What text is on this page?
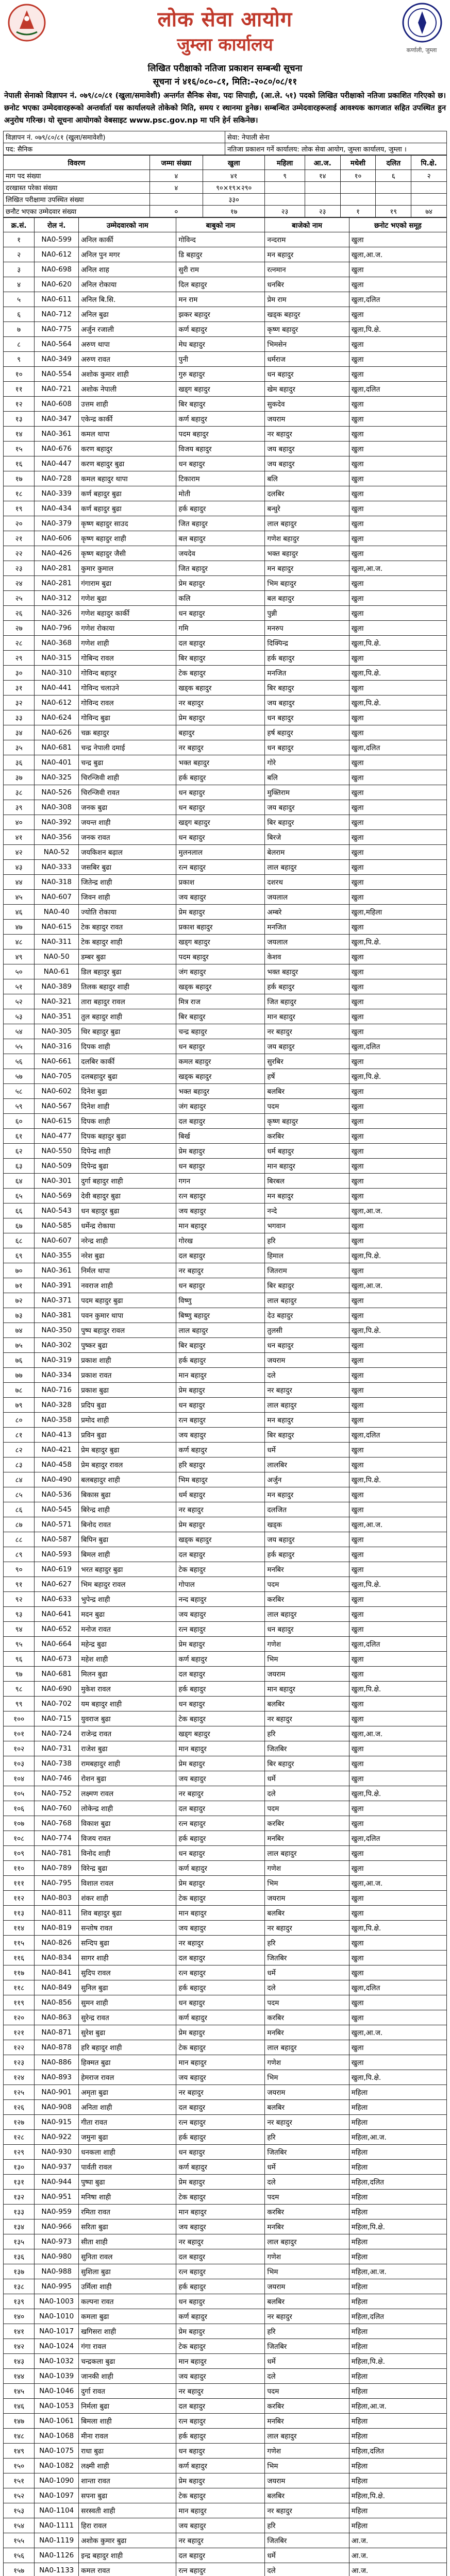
लोक सेवा आयोग
जुम्ला कार्यालय	कर्णाली, जुम्ला
लिखित परीक्षाको नतिजा प्रकाशन सम्बन्धी सूचना
सूचना नं ४१६/०८०-८१, मिति:-२०८०/०८/११
नेपाली सेनाको विज्ञापन नं. ०७९/८०/८१ (खुला/समावेशी) अन्तर्गत सैनिक सेवा, पदः सिपाही, (आ.ले. ५१) पदको लिखित परीक्षाको नतिजा प्रकाशित गरिएको छ। छनोट भएका उम्मेदवारहरूको अन्तर्वार्ता यस कार्यालयले तोकेको मिति, समय र स्थानमा हुनेछ। सम्बन्धित उम्मेदवारहरूलाई आवश्यक कागजात सहित उपस्थित हुन अनुरोध गरिन्छ। यो सूचना आयोगको वेबसाइट www.psc.gov.np मा पनि हेर्न सकिनेछ।
विज्ञापन नं. ०७९/८०/८१ (खुला/समावेशी)	सेवा: नेपाली सेना
पद: सैनिक	नतिजा प्रकाशन गर्ने कार्यालय: लोक सेवा आयोग, जुम्ला कार्यालय, जुम्ला ।
विवरण	जम्मा संख्या	खुला	महिला	आ.ज.	मधेशी	दलित	पि.क्षे.
माग पद संख्या	४	४१	९	१४	१०	६	२
दरखास्त परेका संख्या	४	९०×१९×२९०					
लिखित परीक्षामा उपस्थित संख्या		३३०					
छनौट भएका उम्मेदवार संख्या	०	१७	२३	२३	१	१९	७४
क्र.सं.	रोल नं.	उम्मेदवारको नाम	बाबुको नाम	बाजेको नाम	छनोट भएको समूह
१	NA0-599	अनिल कार्की	गोविन्द	नन्दराम	खुला
२	NA0-612	अनिल पुन मगर	डि बहादुर	मन बहादुर	खुला,आ.ज.
३	NA0-698	अनिल शाह	सुरी राम	रत्नमान	खुला
४	NA0-620	अनिल रोकाया	दिल बहादुर	धनबिर	खुला
५	NA0-611	अनिल बि.सि.	मन राम	प्रेम राम	खुला,दलित
६	NA0-712	अनिल बुढा	झकर बहादुर	खड्क बहादुर	खुला
७	NA0-775	अर्जुन रजाली	कर्ण बहादुर	कृष्ण बहादुर	खुला,पि.क्षे.
८	NA0-564	अरुण थापा	मेघ बहादुर	भिमसेन	खुला
९	NA0-349	अरुण रावत	पुनी	धर्मराज	खुला
१०	NA0-554	अशोक कुमार शाही	गुरु बहादुर	धन बहादुर	खुला
११	NA0-721	अशोक नेपाली	खड्ग बहादुर	खेम बहादुर	खुला,दलित
१२	NA0-608	उत्तम शाही	बिर बहादुर	सुकदेव	खुला
१३	NA0-347	एकेन्द्र कार्की	कर्ण बहादुर	जयराम	खुला
१४	NA0-361	कमल थापा	पदम बहादुर	नर बहादुर	खुला
१५	NA0-676	करण बहादुर	विजय बहादुर	जय बहादुर	खुला
१६	NA0-447	करण बहादुर बुढा	धन बहादुर	जय बहादुर	खुला
१७	NA0-728	कमल बहादुर थापा	टिकाराम	बलि	खुला
१८	NA0-339	कर्ण बहादुर बुढा	मोती	दलबिर	खुला
१९	NA0-434	कर्ण बहादुर बुढा	हर्क बहादुर	बन्धुरे	खुला
२०	NA0-379	कृष्ण बहादुर साउद	जित बहादुर	लाल बहादुर	खुला
२१	NA0-606	कृष्ण बहादुर शाही	बल बहादुर	गणेश बहादुर	खुला
२२	NA0-426	कृष्ण बहादुर जैसी	जयदेव	भक्त बहादुर	खुला
२३	NA0-281	कुमार कुमाल	जित बहादुर	मन बहादुर	खुला,आ.ज.
२४	NA0-281	गंगाराम बुढा	प्रेम बहादुर	भिम बहादुर	खुला
२५	NA0-312	गणेश बुढा	कलि	बल बहादुर	खुला
२६	NA0-326	गणेश बहादुर कार्की	धन बहादुर	पुन्नी	खुला
२७	NA0-796	गणेश रोकाया	गमि	मनरुप	खुला
२८	NA0-368	गणेश शाही	दल बहादुर	दिक्पिन्द्र	खुला,पि.क्षे.
२९	NA0-315	गोबिन्द रावल	बिर बहादुर	हर्क बहादुर	खुला
३०	NA0-310	गोविन्द बहादुर	टेक बहादुर	मनजित	खुला,पि.क्षे.
३१	NA0-441	गोविन्द चलाउने	खड्क बहादुर	बिर बहादुर	खुला
३२	NA0-612	गोविन्द रावल	नर बहादुर	जय बहादुर	खुला,पि.क्षे.
३३	NA0-624	गोविन्द बुढा	प्रेम बहादुर	धन बहादुर	खुला
३४	NA0-626	चक्र बहादुर	बहादुर	हर्ष बहादुर	खुला
३५	NA0-681	चन्द्र नेपाली दमाई	नर बहादुर	धन बहादुर	खुला,दलित
३६	NA0-401	चन्द्र बुढा	भक्त बहादुर	गोरे	खुला
३७	NA0-325	चिरन्जिवी शाही	हर्क बहादुर	बलि	खुला
३८	NA0-526	चिरन्जिवी रावत	धन बहादुर	मुक्तिराम	खुला
३९	NA0-308	जनक बुढा	धन बहादुर	जय बहादुर	खुला
४०	NA0-392	जयन्त शाही	खड्ग बहादुर	बिर बहादुर	खुला
४१	NA0-356	जनक रावत	धन बहादुर	बिरजे	खुला
४२	NA0-52	जयकिशन बढ़ाल	मुलनलाल	बेलराम	खुला
४३	NA0-333	जसबिर बुढा	रत्न बहादुर	लाल बहादुर	खुला
४४	NA0-318	जितेन्द्र शाही	प्रकाश	दशरथ	खुला
४५	NA0-607	जिवन शाही	जय बहादुर	जयलाल	खुला
४६	NA0-40	ज्योति रोकाया	प्रेम बहादुर	अम्बरे	खुला,महिला
४७	NA0-615	टेक बहादुर रावत	प्रकाश बहादुर	मनजित	खुला
४८	NA0-311	टेक बहादुर शाही	खड्ग बहादुर	जयलाल	खुला,पि.क्षे.
४९	NA0-50	डम्बर बुढा	पदम बहादुर	केशव	खुला
५०	NA0-61	डिल बहादुर बुढा	जंग बहादुर	भक्त बहादुर	खुला
५१	NA0-389	तिलक बहादुर शाही	खड्क बहादुर	हर्क बहादुर	खुला
५२	NA0-321	तारा बहादुर रावल	मित्र राज	जित बहादुर	खुला
५३	NA0-351	तुल बहादुर शाही	बिर बहादुर	मान बहादुर	खुला
५४	NA0-305	थिर बहादुर बुढा	चन्द्र बहादुर	नर बहादुर	खुला
५५	NA0-316	दिपक शाही	धन बहादुर	जय बहादुर	खुला,दलित
५६	NA0-661	दलबिर कार्की	कमल बहादुर	सुरबिर	खुला
५७	NA0-705	दलबहादुर बुढा	खड्क बहादुर	हर्षे	खुला,पि.क्षे.
५८	NA0-602	दिनेश बुढा	भक्त बहादुर	बलबिर	खुला
५९	NA0-567	दिनेश शाही	जंग बहादुर	पदम	खुला
६०	NA0-615	दिपक शाही	दल बहादुर	कृष्ण बहादुर	खुला
६१	NA0-477	दिपक बहादुर बुढा	बिर्ख	करबिर	खुला
६२	NA0-550	दिपेन्द्र शाही	प्रेम बहादुर	धर्म बहादुर	खुला
६३	NA0-509	दिपेन्द्र बुढा	धन बहादुर	मान बहादुर	खुला
६४	NA0-301	दुर्गा बहादुर शाही	गगन	बिरबल	खुला
६५	NA0-569	देवी बहादुर बुढा	रत्न बहादुर	मन बहादुर	खुला
६६	NA0-543	धन बहादुर बुढा	जय बहादुर	नन्दे	खुला,आ.ज.
६७	NA0-585	धर्मेन्द्र रोकाया	मान बहादुर	भगवान	खुला
६८	NA0-607	नरेन्द्र शाही	गोरख	हरि	खुला
६९	NA0-355	नरेश बुढा	दल बहादुर	हिमाल	खुला,पि.क्षे.
७०	NA0-361	निर्मल थापा	नर बहादुर	जितराम	खुला
७१	NA0-391	नवराज शाही	धन बहादुर	बिर बहादुर	खुला,आ.ज.
७२	NA0-371	पदम बहादुर बुढा	विष्णु	लाल बहादुर	खुला
७३	NA0-381	पवन कुमार थापा	बिष्णु बहादुर	देउ बहादुर	खुला
७४	NA0-350	पुष्प बहादुर रावल	लाल बहादुर	तुलसी	खुला,पि.क्षे.
७५	NA0-302	पुष्कर बुढा	बिर बहादुर	धन बहादुर	खुला
७६	NA0-319	प्रकाश शाही	हर्क बहादुर	जयराम	खुला
७७	NA0-334	प्रकाश रावत	मान बहादुर	दले	खुला
७८	NA0-716	प्रकाश बुढा	प्रेम बहादुर	नर बहादुर	खुला
७९	NA0-328	प्रदिप बुढा	धन बहादुर	लाल बहादुर	खुला
८०	NA0-358	प्रमोद शाही	रत्न बहादुर	मन बहादुर	खुला
८१	NA0-413	प्रविन बुढा	जय बहादुर	बिर बहादुर	खुला,दलित
८२	NA0-421	प्रेम बहादुर बुढा	कर्ण बहादुर	धर्मे	खुला
८३	NA0-458	प्रेम बहादुर रावल	हरि बहादुर	लालबिर	खुला
८४	NA0-490	बलबहादुर शाही	भिम बहादुर	अर्जुन	खुला,पि.क्षे.
८५	NA0-536	बिकास बुढा	धर्म बहादुर	मन बहादुर	खुला
८६	NA0-545	बिरेन्द्र शाही	नर बहादुर	दलजित	खुला
८७	NA0-571	बिनोद रावत	प्रेम बहादुर	खड्क	खुला,आ.ज.
८८	NA0-587	बिपिन बुढा	खड्क बहादुर	जय बहादुर	खुला
८९	NA0-593	बिमल शाही	दल बहादुर	हर्क बहादुर	खुला
९०	NA0-619	भरत बहादुर बुढा	टेक बहादुर	मनबिर	खुला
९१	NA0-627	भिम बहादुर रावल	गोपाल	पदम	खुला,पि.क्षे.
९२	NA0-633	भुपेन्द्र शाही	नन्द बहादुर	करबिर	खुला
९३	NA0-641	मदन बुढा	जय बहादुर	लाल बहादुर	खुला
९४	NA0-652	मनोज रावत	रत्न बहादुर	धन बहादुर	खुला
९५	NA0-664	महेन्द्र बुढा	प्रेम बहादुर	गणेश	खुला,दलित
९६	NA0-673	महेश शाही	कर्ण बहादुर	भिम	खुला
९७	NA0-681	मिलन बुढा	दल बहादुर	जयराम	खुला
९८	NA0-690	मुकेश रावल	हर्क बहादुर	मान बहादुर	खुला,पि.क्षे.
९९	NA0-702	यम बहादुर शाही	धन बहादुर	बलबिर	खुला
१००	NA0-715	युवराज बुढा	टेक बहादुर	नर बहादुर	खुला
१०१	NA0-724	राजेन्द्र रावत	खड्ग बहादुर	हरि	खुला,आ.ज.
१०२	NA0-731	राजेश बुढा	मान बहादुर	जितबिर	खुला
१०३	NA0-738	रामबहादुर शाही	प्रेम बहादुर	बिर बहादुर	खुला
१०४	NA0-746	रोशन बुढा	जय बहादुर	धर्मे	खुला
१०५	NA0-752	लक्ष्मण रावल	नर बहादुर	दले	खुला,पि.क्षे.
१०६	NA0-760	लोकेन्द्र शाही	दल बहादुर	पदम	खुला
१०७	NA0-768	विकाश बुढा	रत्न बहादुर	करबिर	खुला
१०८	NA0-774	विजय रावत	हर्क बहादुर	मनबिर	खुला,दलित
१०९	NA0-781	विनोद शाही	धन बहादुर	लाल बहादुर	खुला
११०	NA0-789	विरेन्द्र बुढा	कर्ण बहादुर	गणेश	खुला
१११	NA0-795	विशाल रावल	प्रेम बहादुर	भिम	खुला,आ.ज.
११२	NA0-803	शंकर शाही	टेक बहादुर	जयराम	खुला
११३	NA0-811	शिव बहादुर बुढा	मान बहादुर	बलबिर	खुला
११४	NA0-819	सन्तोष रावत	जय बहादुर	नर बहादुर	खुला,पि.क्षे.
११५	NA0-826	सन्दिप बुढा	नर बहादुर	हरि	खुला
११६	NA0-834	सागर शाही	दल बहादुर	जितबिर	खुला
११७	NA0-841	सुदिप रावल	रत्न बहादुर	धर्मे	खुला
११८	NA0-849	सुनिल बुढा	हर्क बहादुर	दले	खुला,दलित
११९	NA0-856	सुमन शाही	धन बहादुर	पदम	खुला
१२०	NA0-863	सुरेन्द्र रावत	कर्ण बहादुर	करबिर	खुला
१२१	NA0-871	सुरेश बुढा	प्रेम बहादुर	मनबिर	खुला,आ.ज.
१२२	NA0-878	हरि बहादुर शाही	टेक बहादुर	लाल बहादुर	खुला
१२३	NA0-886	हिक्मत बुढा	मान बहादुर	गणेश	खुला
१२४	NA0-893	हेमराज रावल	जय बहादुर	भिम	खुला,पि.क्षे.
१२५	NA0-901	अमृता बुढा	नर बहादुर	जयराम	महिला
१२६	NA0-908	अनिता शाही	दल बहादुर	बलबिर	महिला
१२७	NA0-915	गीता रावत	रत्न बहादुर	नर बहादुर	महिला
१२८	NA0-922	जमुना बुढा	हर्क बहादुर	हरि	महिला,आ.ज.
१२९	NA0-930	धनकला शाही	धन बहादुर	जितबिर	महिला
१३०	NA0-937	पार्वती रावल	कर्ण बहादुर	धर्मे	महिला
१३१	NA0-944	पुष्पा बुढा	प्रेम बहादुर	दले	महिला,दलित
१३२	NA0-951	मनिषा शाही	टेक बहादुर	पदम	महिला
१३३	NA0-959	रमिता रावत	मान बहादुर	करबिर	महिला
१३४	NA0-966	सरिता बुढा	जय बहादुर	मनबिर	महिला,पि.क्षे.
१३५	NA0-973	सीता शाही	नर बहादुर	लाल बहादुर	महिला
१३६	NA0-980	सुनिता रावल	दल बहादुर	गणेश	महिला
१३७	NA0-988	सुशिला बुढा	रत्न बहादुर	भिम	महिला,आ.ज.
१३८	NA0-995	उर्मिला शाही	हर्क बहादुर	जयराम	महिला
१३९	NA0-1003	कल्पना रावत	धन बहादुर	बलबिर	महिला
१४०	NA0-1010	कमला बुढा	कर्ण बहादुर	नर बहादुर	महिला,दलित
१४१	NA0-1017	खगिसरा शाही	प्रेम बहादुर	हरि	महिला
१४२	NA0-1024	गंगा रावल	टेक बहादुर	जितबिर	महिला
१४३	NA0-1032	चन्द्रकला बुढा	मान बहादुर	धर्मे	महिला,पि.क्षे.
१४४	NA0-1039	जानकी शाही	जय बहादुर	दले	महिला
१४५	NA0-1046	दुर्गा रावत	नर बहादुर	पदम	महिला
१४६	NA0-1053	निर्मला बुढा	दल बहादुर	करबिर	महिला,आ.ज.
१४७	NA0-1061	बिमला शाही	रत्न बहादुर	मनबिर	महिला
१४८	NA0-1068	मीना रावल	हर्क बहादुर	लाल बहादुर	महिला
१४९	NA0-1075	राधा बुढा	धन बहादुर	गणेश	महिला,दलित
१५०	NA0-1082	लक्ष्मी शाही	कर्ण बहादुर	भिम	महिला
१५१	NA0-1090	शान्ता रावत	प्रेम बहादुर	जयराम	महिला
१५२	NA0-1097	सपना बुढा	टेक बहादुर	बलबिर	महिला,पि.क्षे.
१५३	NA0-1104	सरस्वती शाही	मान बहादुर	नर बहादुर	महिला
१५४	NA0-1111	हिरा रावल	जय बहादुर	हरि	महिला
१५५	NA0-1119	अशोक कुमार बुढा	नर बहादुर	जितबिर	आ.ज.
१५६	NA0-1126	इन्द्र बहादुर शाही	दल बहादुर	धर्मे	आ.ज.
१५७	NA0-1133	कमल रावत	रत्न बहादुर	दले	आ.ज.
